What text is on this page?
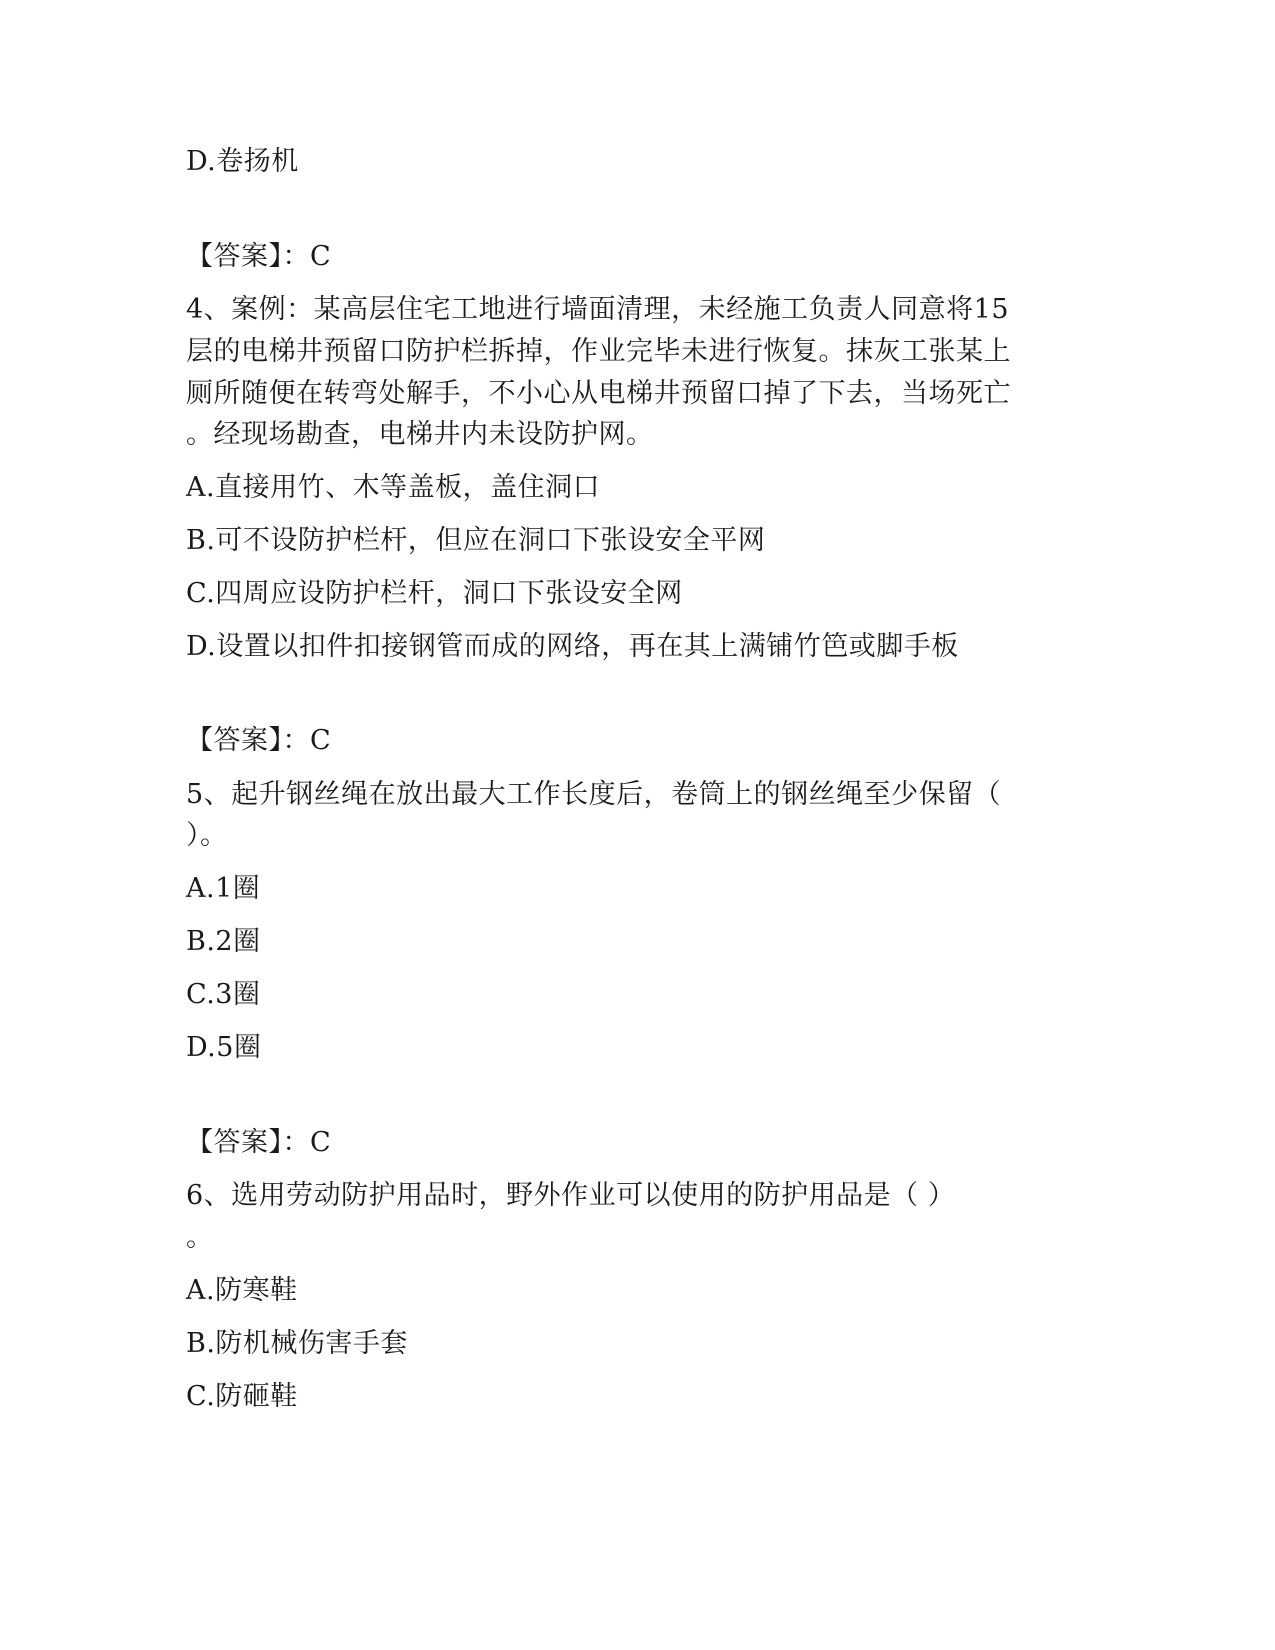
D.卷扬机
【答案】：C
4、案例：某高层住宅工地进行墙面清理，未经施工负责人同意将15
层的电梯井预留口防护栏拆掉，作业完毕未进行恢复。抹灰工张某上
厕所随便在转弯处解手，不小心从电梯井预留口掉了下去，当场死亡
。经现场勘查，电梯井内未设防护网。
A.直接用竹、木等盖板，盖住洞口
B.可不设防护栏杆，但应在洞口下张设安全平网
C.四周应设防护栏杆，洞口下张设安全网
D.设置以扣件扣接钢管而成的网络，再在其上满铺竹笆或脚手板
【答案】：C
5、起升钢丝绳在放出最大工作长度后，卷筒上的钢丝绳至少保留（
）。
A.1圈
B.2圈
C.3圈
D.5圈
【答案】：C
6、选用劳动防护用品时，野外作业可以使用的防护用品是（ ）
。
A.防寒鞋
B.防机械伤害手套
C.防砸鞋
